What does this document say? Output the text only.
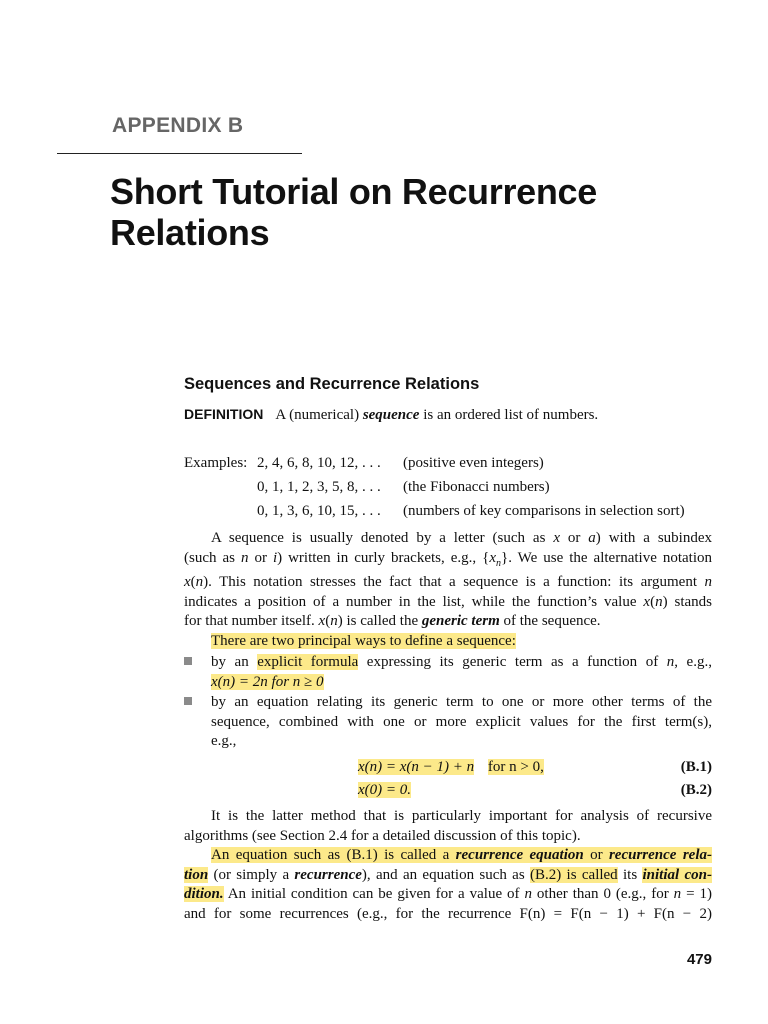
APPENDIX B
Short Tutorial on Recurrence
Relations
Sequences and Recurrence Relations
DEFINITION A (numerical) sequence is an ordered list of numbers.
Examples: 2, 4, 6, 8, 10, 12, . . . (positive even integers)
0, 1, 1, 2, 3, 5, 8, . . . (the Fibonacci numbers)
0, 1, 3, 6, 10, 15, . . . (numbers of key comparisons in selection sort)
A sequence is usually denoted by a letter (such as x or a) with a subindex
(such as n or i) written in curly brackets, e.g., $\{x_n\}$. We use the alternative notation
x(n). This notation stresses the fact that a sequence is a function: its argument n
indicates a position of a number in the list, while the function’s value x(n) stands
for that number itself. x(n) is called the generic term of the sequence.
There are two principal ways to define a sequence:
by an explicit formula expressing its generic term as a function of n, e.g.,
x(n) = 2n for n ≥ 0
by an equation relating its generic term to one or more other terms of the
sequence, combined with one or more explicit values for the first term(s),
e.g.,
x(n) = x(n − 1) + n for n > 0,	(B.1)
x(0) = 0.	(B.2)
It is the latter method that is particularly important for analysis of recursive
algorithms (see Section 2.4 for a detailed discussion of this topic).
An equation such as (B.1) is called a recurrence equation or recurrence rela-
tion (or simply a recurrence), and an equation such as (B.2) is called its initial con-
dition. An initial condition can be given for a value of n other than 0 (e.g., for n = 1)
and for some recurrences (e.g., for the recurrence F(n) = F(n − 1) + F(n − 2)
479
